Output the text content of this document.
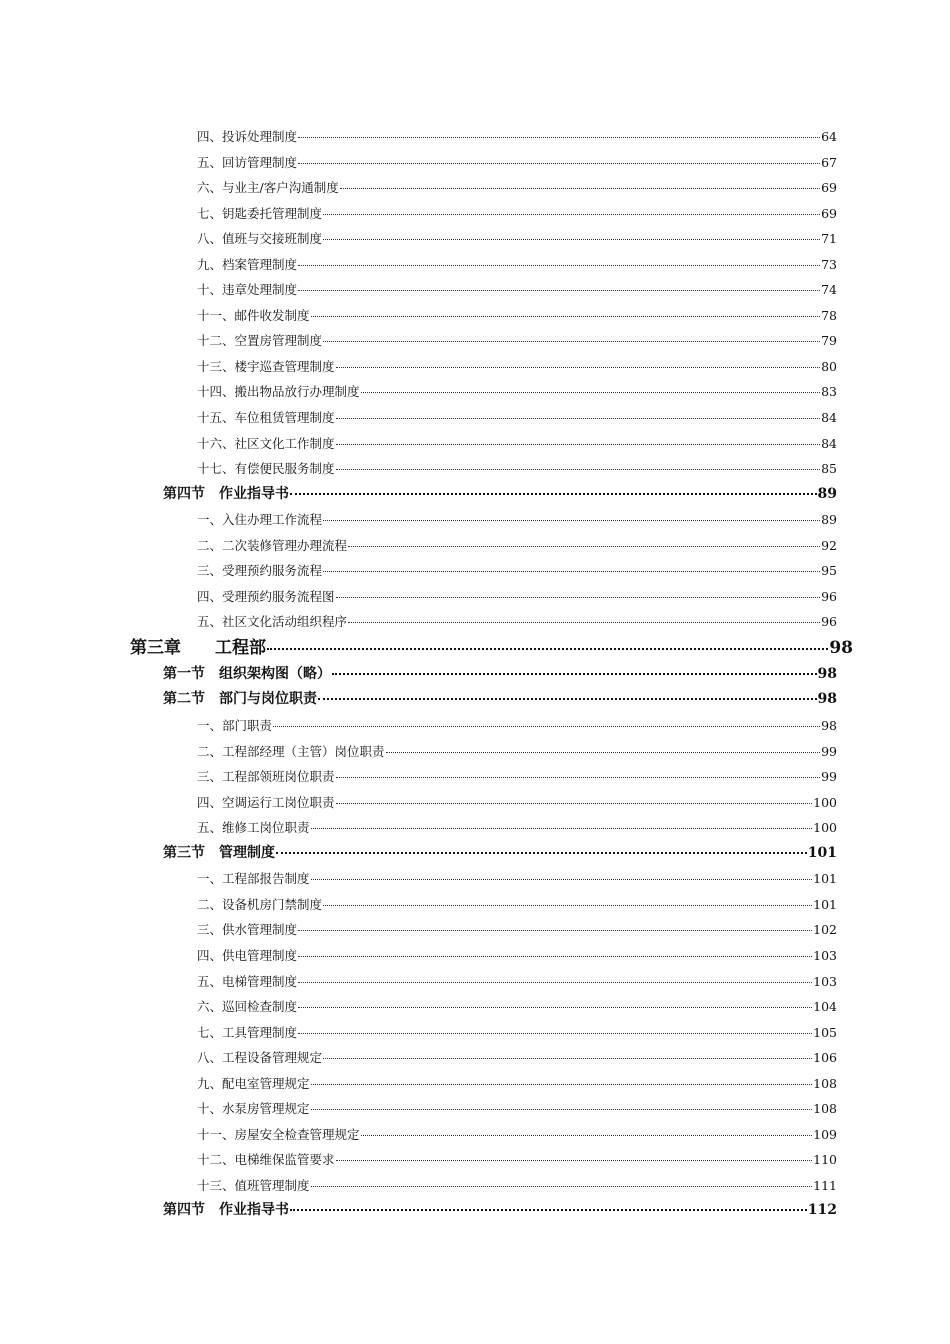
四、投诉处理制度	64
五、回访管理制度	67
六、与业主/客户沟通制度	69
七、钥匙委托管理制度	69
八、值班与交接班制度	71
九、档案管理制度	73
十、违章处理制度	74
十一、邮件收发制度	78
十二、空置房管理制度	79
十三、楼宇巡查管理制度	80
十四、搬出物品放行办理制度	83
十五、车位租赁管理制度	84
十六、社区文化工作制度	84
十七、有偿便民服务制度	85
第四节　作业指导书	89
一、入住办理工作流程	89
二、二次装修管理办理流程	92
三、受理预约服务流程	95
四、受理预约服务流程图	96
五、社区文化活动组织程序	96
第三章　　工程部	98
第一节　组织架构图（略）	98
第二节　部门与岗位职责	98
一、部门职责	98
二、工程部经理（主管）岗位职责	99
三、工程部领班岗位职责	99
四、空调运行工岗位职责	100
五、维修工岗位职责	100
第三节　管理制度	101
一、工程部报告制度	101
二、设备机房门禁制度	101
三、供水管理制度	102
四、供电管理制度	103
五、电梯管理制度	103
六、巡回检查制度	104
七、工具管理制度	105
八、工程设备管理规定	106
九、配电室管理规定	108
十、水泵房管理规定	108
十一、房屋安全检查管理规定	109
十二、电梯维保监管要求	110
十三、值班管理制度	111
第四节　作业指导书	112
